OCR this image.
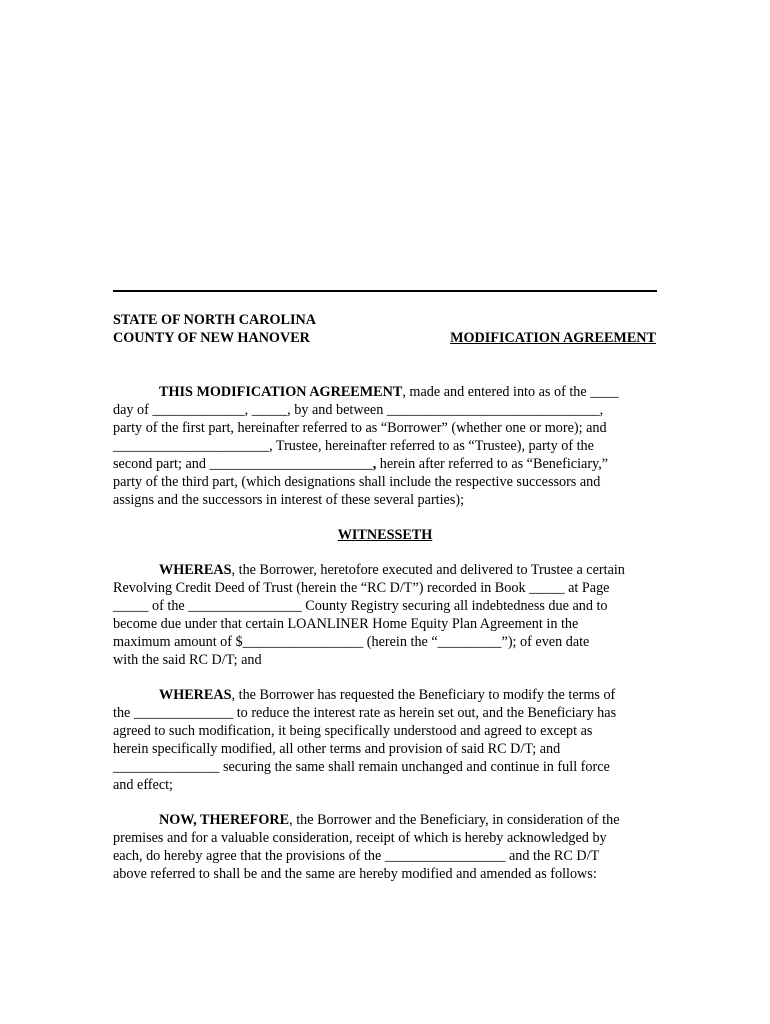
STATE OF NORTH CAROLINA
COUNTY OF NEW HANOVER	MODIFICATION AGREEMENT
THIS MODIFICATION AGREEMENT, made and entered into as of the ____
day of _____________, _____, by and between ______________________________,
party of the first part, hereinafter referred to as “Borrower” (whether one or more); and
______________________, Trustee, hereinafter referred to as “Trustee), party of the
second part; and _______________________, herein after referred to as “Beneficiary,”
party of the third part, (which designations shall include the respective successors and
assigns and the successors in interest of these several parties);
WITNESSETH
WHEREAS, the Borrower, heretofore executed and delivered to Trustee a certain
Revolving Credit Deed of Trust (herein the “RC D/T”) recorded in Book _____ at Page
_____ of the ________________ County Registry securing all indebtedness due and to
become due under that certain LOANLINER Home Equity Plan Agreement in the
maximum amount of $_________________ (herein the “_________”); of even date
with the said RC D/T; and
WHEREAS, the Borrower has requested the Beneficiary to modify the terms of
the ______________ to reduce the interest rate as herein set out, and the Beneficiary has
agreed to such modification, it being specifically understood and agreed to except as
herein specifically modified, all other terms and provision of said RC D/T; and
_______________ securing the same shall remain unchanged and continue in full force
and effect;
NOW, THEREFORE, the Borrower and the Beneficiary, in consideration of the
premises and for a valuable consideration, receipt of which is hereby acknowledged by
each, do hereby agree that the provisions of the _________________ and the RC D/T
above referred to shall be and the same are hereby modified and amended as follows:
